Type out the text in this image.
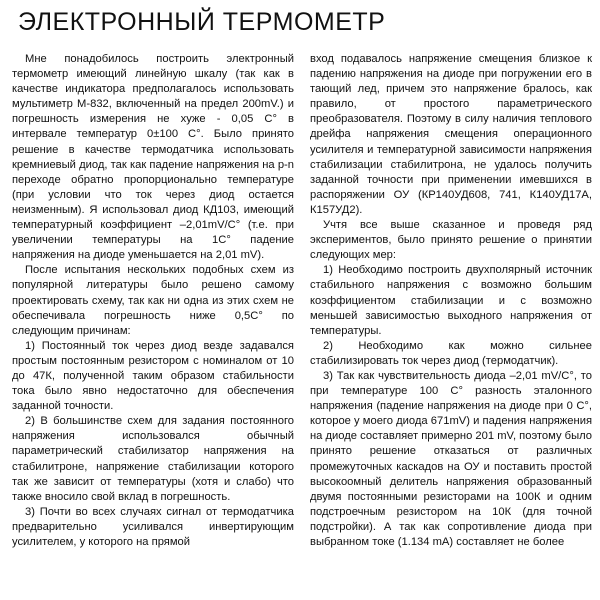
ЭЛЕКТРОННЫЙ ТЕРМОМЕТР

Мне понадобилось построить электронный термометр имеющий линейную шкалу (так как в качестве индикатора предполагалось использовать мультиметр М-832, включенный на предел 200mV.) и погрешность измерения не хуже - 0,05 C° в интервале температур 0±100 C°. Было принято решение в качестве термодатчика использовать кремниевый диод, так как падение напряжения на p-n переходе обратно пропорционально температуре (при условии что ток через диод остается неизменным). Я использовал диод КД103, имеющий температурный коэффициент –2,01mV/C° (т.е. при увеличении температуры на 1C° падение напряжения на диоде уменьшается на 2,01 mV).

После испытания нескольких подобных схем из популярной литературы было решено самому проектировать схему, так как ни одна из этих схем не обеспечивала погрешность ниже 0,5C° по следующим причинам:

1) Постоянный ток через диод везде задавался простым постоянным резистором с номиналом от 10 до 47К, полученной таким образом стабильности тока было явно недостаточно для обеспечения заданной точности.

2) В большинстве схем для задания постоянного напряжения использовался обычный параметрический стабилизатор напряжения на стабилитроне, напряжение стабилизации которого так же зависит от температуры (хотя и слабо) что также вносило свой вклад в погрешность.

3) Почти во всех случаях сигнал от термодатчика предварительно усиливался инвертирующим усилителем, у которого на прямой

вход подавалось напряжение смещения близкое к падению напряжения на диоде при погружении его в тающий лед, причем это напряжение бралось, как правило, от простого параметрического преобразователя. Поэтому в силу наличия теплового дрейфа напряжения смещения операционного усилителя и температурной зависимости напряжения стабилизации стабилитрона, не удалось получить заданной точности при применении имевшихся в распоряжении ОУ (КР140УД608, 741, К140УД17А, К157УД2).

Учтя все выше сказанное и проведя ряд экспериментов, было принято решение о принятии следующих мер:

1) Необходимо построить двухполярный источник стабильного напряжения с возможно большим коэффициентом стабилизации и с возможно меньшей зависимостью выходного напряжения от температуры.

2) Необходимо как можно сильнее стабилизировать ток через диод (термодатчик).

3) Так как чувствительность диода –2,01 mV/C°, то при температуре 100 C° разность эталонного напряжения (падение напряжения на диоде при 0 C°, которое у моего диода 671mV) и падения напряжения на диоде составляет примерно 201 mV, поэтому было принято решение отказаться от различных промежуточных каскадов на ОУ и поставить простой высокоомный делитель напряжения образованный двумя постоянными резисторами на 100К и одним подстроечным резистором на 10К (для точной подстройки). А так как сопротивление диода при выбранном токе (1.134 mA) составляет не более
